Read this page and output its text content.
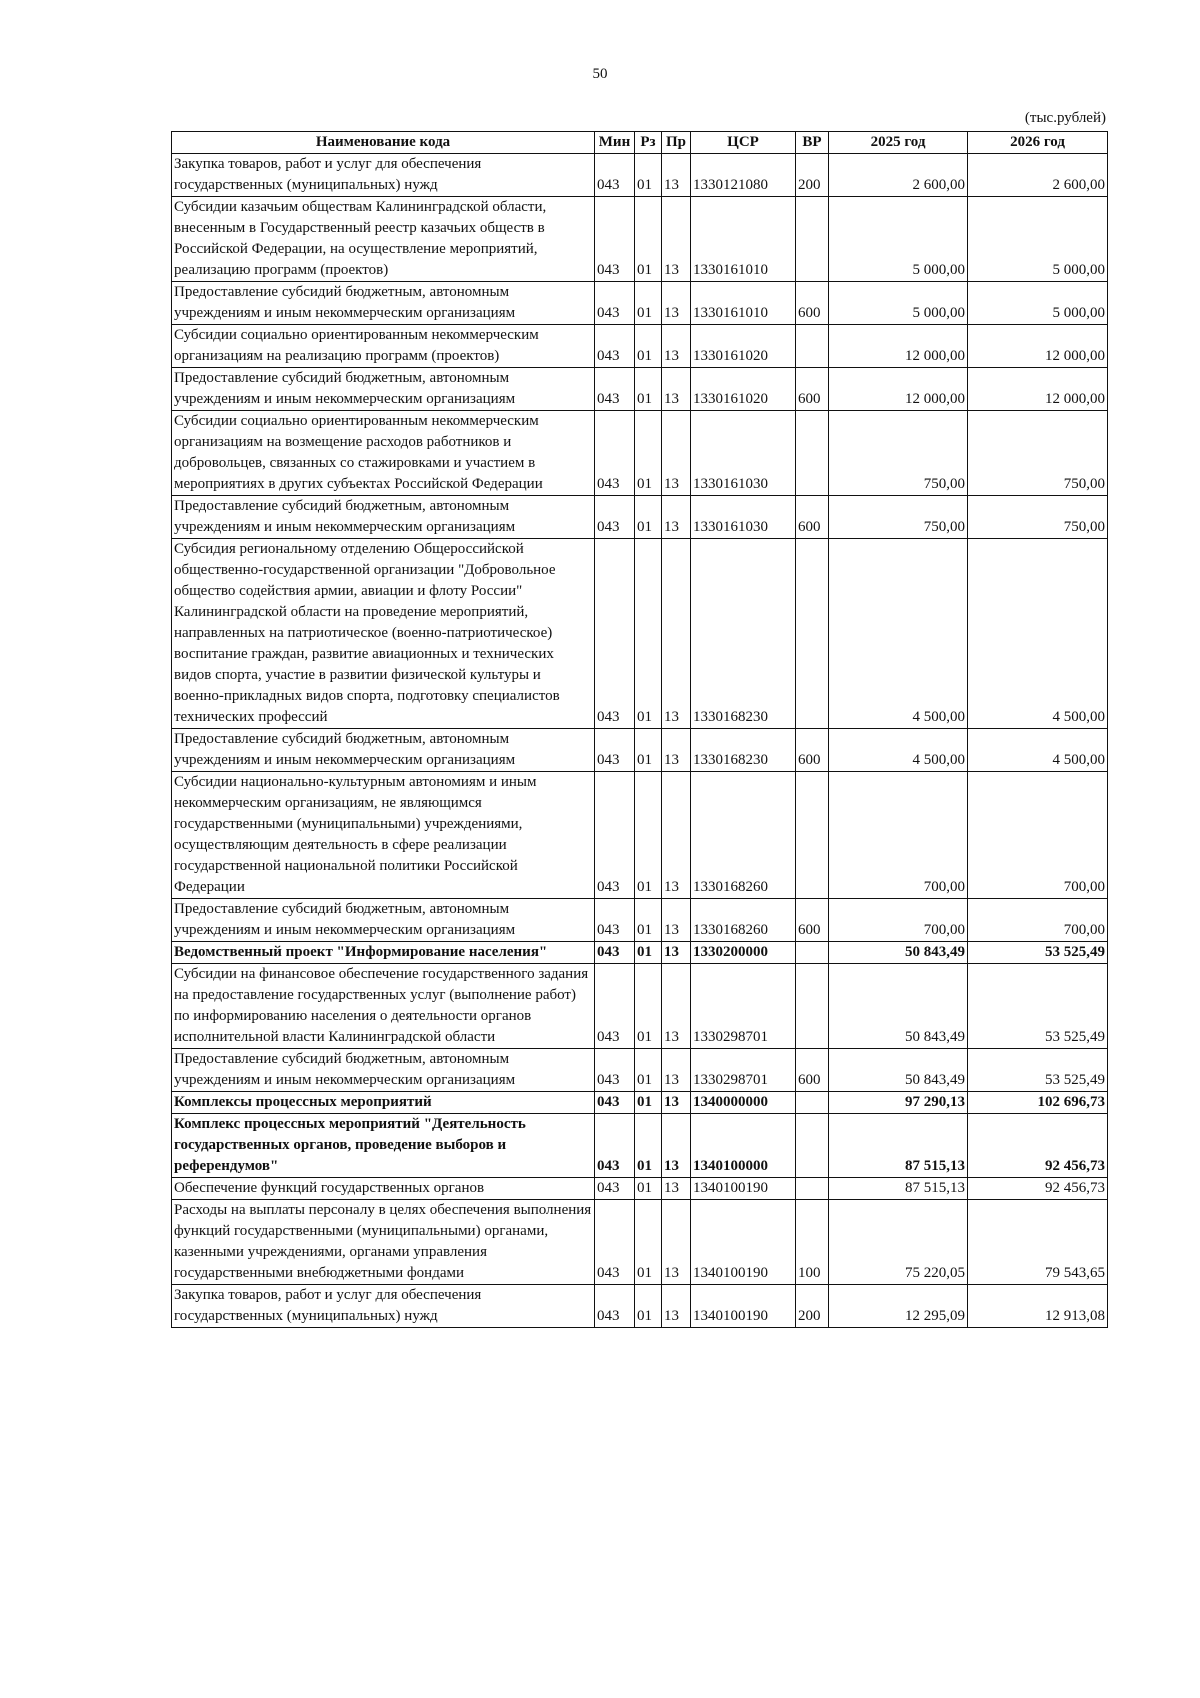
50
(тыс.рублей)
Наименование кода	Мин	Рз	Пр	ЦСР	ВР	2025 год	2026 год
Закупка товаров, работ и услуг для обеспечения государственных (муниципальных) нужд	043	01	13	1330121080	200	2 600,00	2 600,00
Субсидии казачьим обществам Калининградской области, внесенным в Государственный реестр казачьих обществ в Российской Федерации, на осуществление мероприятий, реализацию программ (проектов)	043	01	13	1330161010		5 000,00	5 000,00
Предоставление субсидий бюджетным, автономным учреждениям и иным некоммерческим организациям	043	01	13	1330161010	600	5 000,00	5 000,00
Субсидии социально ориентированным некоммерческим организациям на реализацию программ (проектов)	043	01	13	1330161020		12 000,00	12 000,00
Предоставление субсидий бюджетным, автономным учреждениям и иным некоммерческим организациям	043	01	13	1330161020	600	12 000,00	12 000,00
Субсидии социально ориентированным некоммерческим организациям на возмещение расходов работников и добровольцев, связанных со стажировками и участием в мероприятиях в других субъектах Российской Федерации	043	01	13	1330161030		750,00	750,00
Предоставление субсидий бюджетным, автономным учреждениям и иным некоммерческим организациям	043	01	13	1330161030	600	750,00	750,00
Субсидия региональному отделению Общероссийской общественно-государственной организации "Добровольное общество содействия армии, авиации и флоту России" Калининградской области на проведение мероприятий, направленных на патриотическое (военно-патриотическое) воспитание граждан, развитие авиационных и технических видов спорта, участие в развитии физической культуры и военно-прикладных видов спорта, подготовку специалистов технических профессий	043	01	13	1330168230		4 500,00	4 500,00
Предоставление субсидий бюджетным, автономным учреждениям и иным некоммерческим организациям	043	01	13	1330168230	600	4 500,00	4 500,00
Субсидии национально-культурным автономиям и иным некоммерческим организациям, не являющимся государственными (муниципальными) учреждениями, осуществляющим деятельность в сфере реализации государственной национальной политики Российской Федерации	043	01	13	1330168260		700,00	700,00
Предоставление субсидий бюджетным, автономным учреждениям и иным некоммерческим организациям	043	01	13	1330168260	600	700,00	700,00
Ведомственный проект "Информирование населения"	043	01	13	1330200000		50 843,49	53 525,49
Субсидии на финансовое обеспечение государственного задания на предоставление государственных услуг (выполнение работ) по информированию населения о деятельности органов исполнительной власти Калининградской области	043	01	13	1330298701		50 843,49	53 525,49
Предоставление субсидий бюджетным, автономным учреждениям и иным некоммерческим организациям	043	01	13	1330298701	600	50 843,49	53 525,49
Комплексы процессных мероприятий	043	01	13	1340000000		97 290,13	102 696,73
Комплекс процессных мероприятий "Деятельность государственных органов, проведение выборов и референдумов"	043	01	13	1340100000		87 515,13	92 456,73
Обеспечение функций государственных органов	043	01	13	1340100190		87 515,13	92 456,73
Расходы на выплаты персоналу в целях обеспечения выполнения функций государственными (муниципальными) органами, казенными учреждениями, органами управления государственными внебюджетными фондами	043	01	13	1340100190	100	75 220,05	79 543,65
Закупка товаров, работ и услуг для обеспечения государственных (муниципальных) нужд	043	01	13	1340100190	200	12 295,09	12 913,08
